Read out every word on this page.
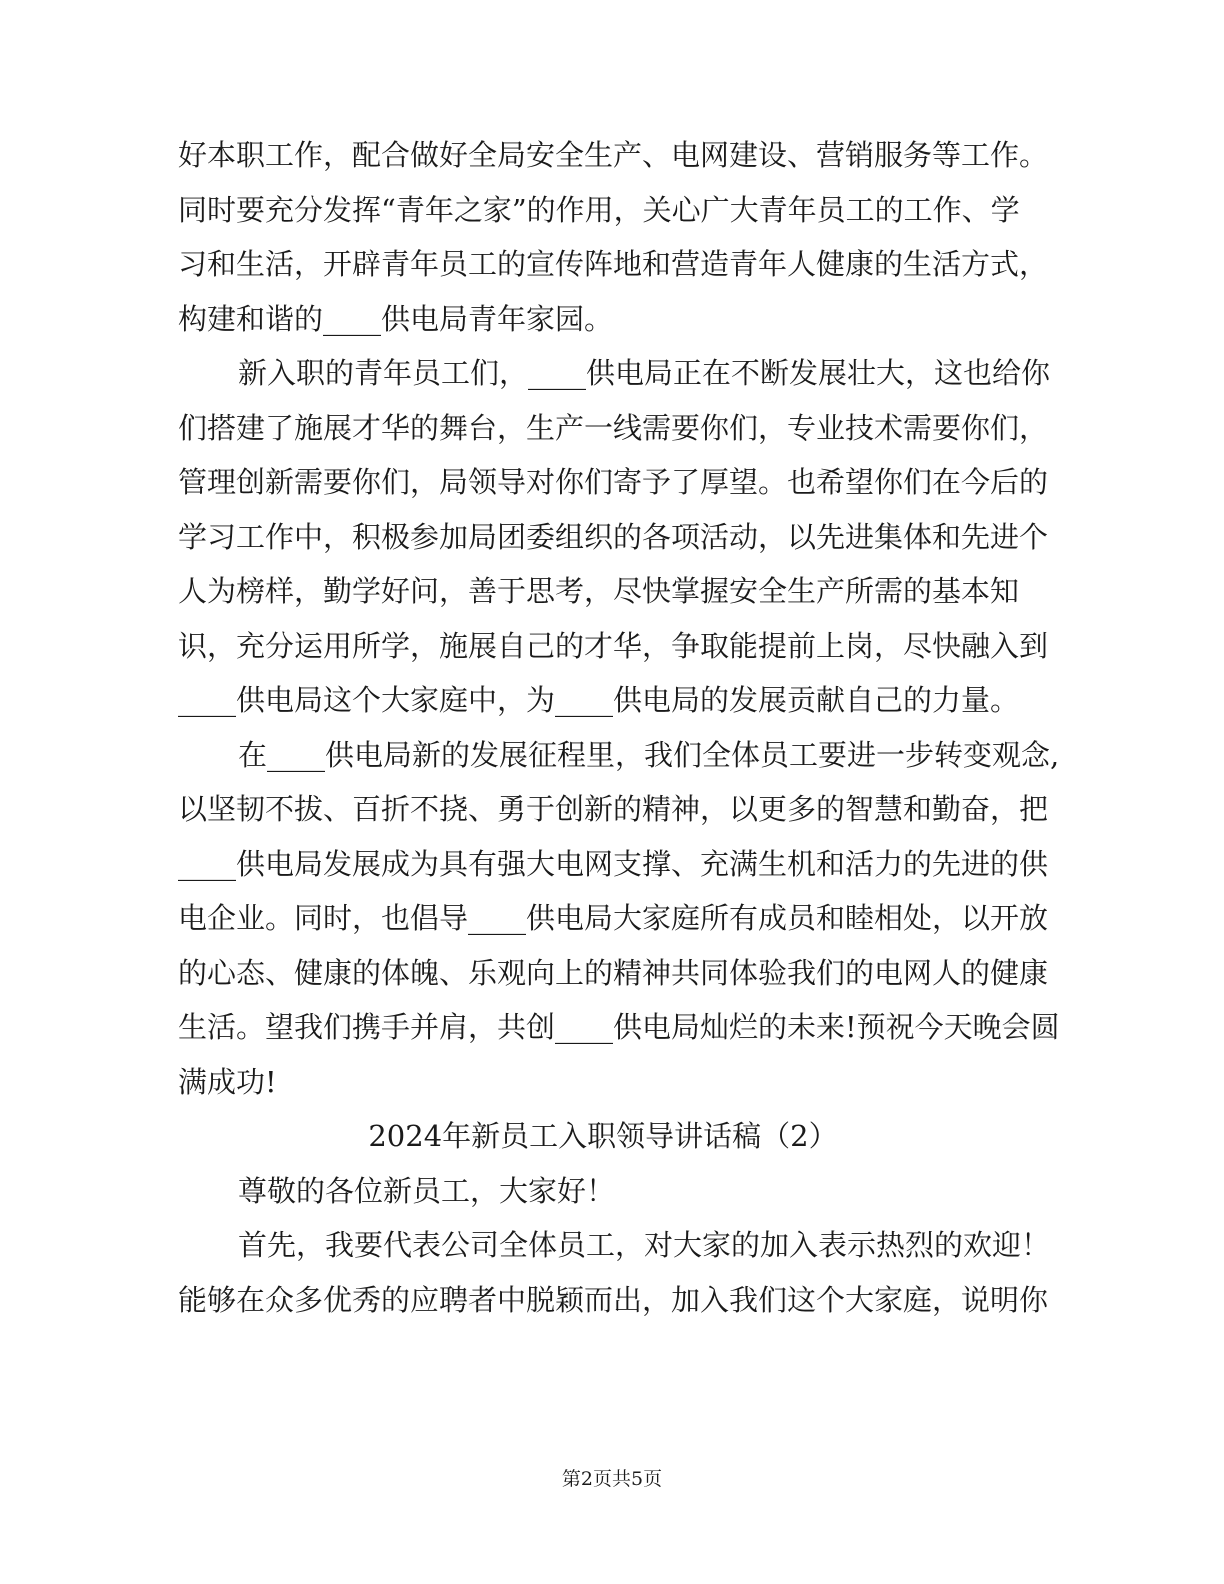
好本职工作，配合做好全局安全生产、电网建设、营销服务等工作。
同时要充分发挥“青年之家”的作用，关心广大青年员工的工作、学
习和生活，开辟青年员工的宣传阵地和营造青年人健康的生活方式，
构建和谐的____供电局青年家园。

新入职的青年员工们，____供电局正在不断发展壮大，这也给你
们搭建了施展才华的舞台，生产一线需要你们，专业技术需要你们，
管理创新需要你们，局领导对你们寄予了厚望。也希望你们在今后的
学习工作中，积极参加局团委组织的各项活动，以先进集体和先进个
人为榜样，勤学好问，善于思考，尽快掌握安全生产所需的基本知
识，充分运用所学，施展自己的才华，争取能提前上岗，尽快融入到
____供电局这个大家庭中，为____供电局的发展贡献自己的力量。

在____供电局新的发展征程里，我们全体员工要进一步转变观念,
以坚韧不拔、百折不挠、勇于创新的精神，以更多的智慧和勤奋，把
____供电局发展成为具有强大电网支撑、充满生机和活力的先进的供
电企业。同时，也倡导____供电局大家庭所有成员和睦相处，以开放
的心态、健康的体魄、乐观向上的精神共同体验我们的电网人的健康
生活。望我们携手并肩，共创____供电局灿烂的未来!预祝今天晚会圆
满成功!

2024年新员工入职领导讲话稿（2）

尊敬的各位新员工，大家好！

首先，我要代表公司全体员工，对大家的加入表示热烈的欢迎！
能够在众多优秀的应聘者中脱颖而出，加入我们这个大家庭，说明你

第2页共5页
